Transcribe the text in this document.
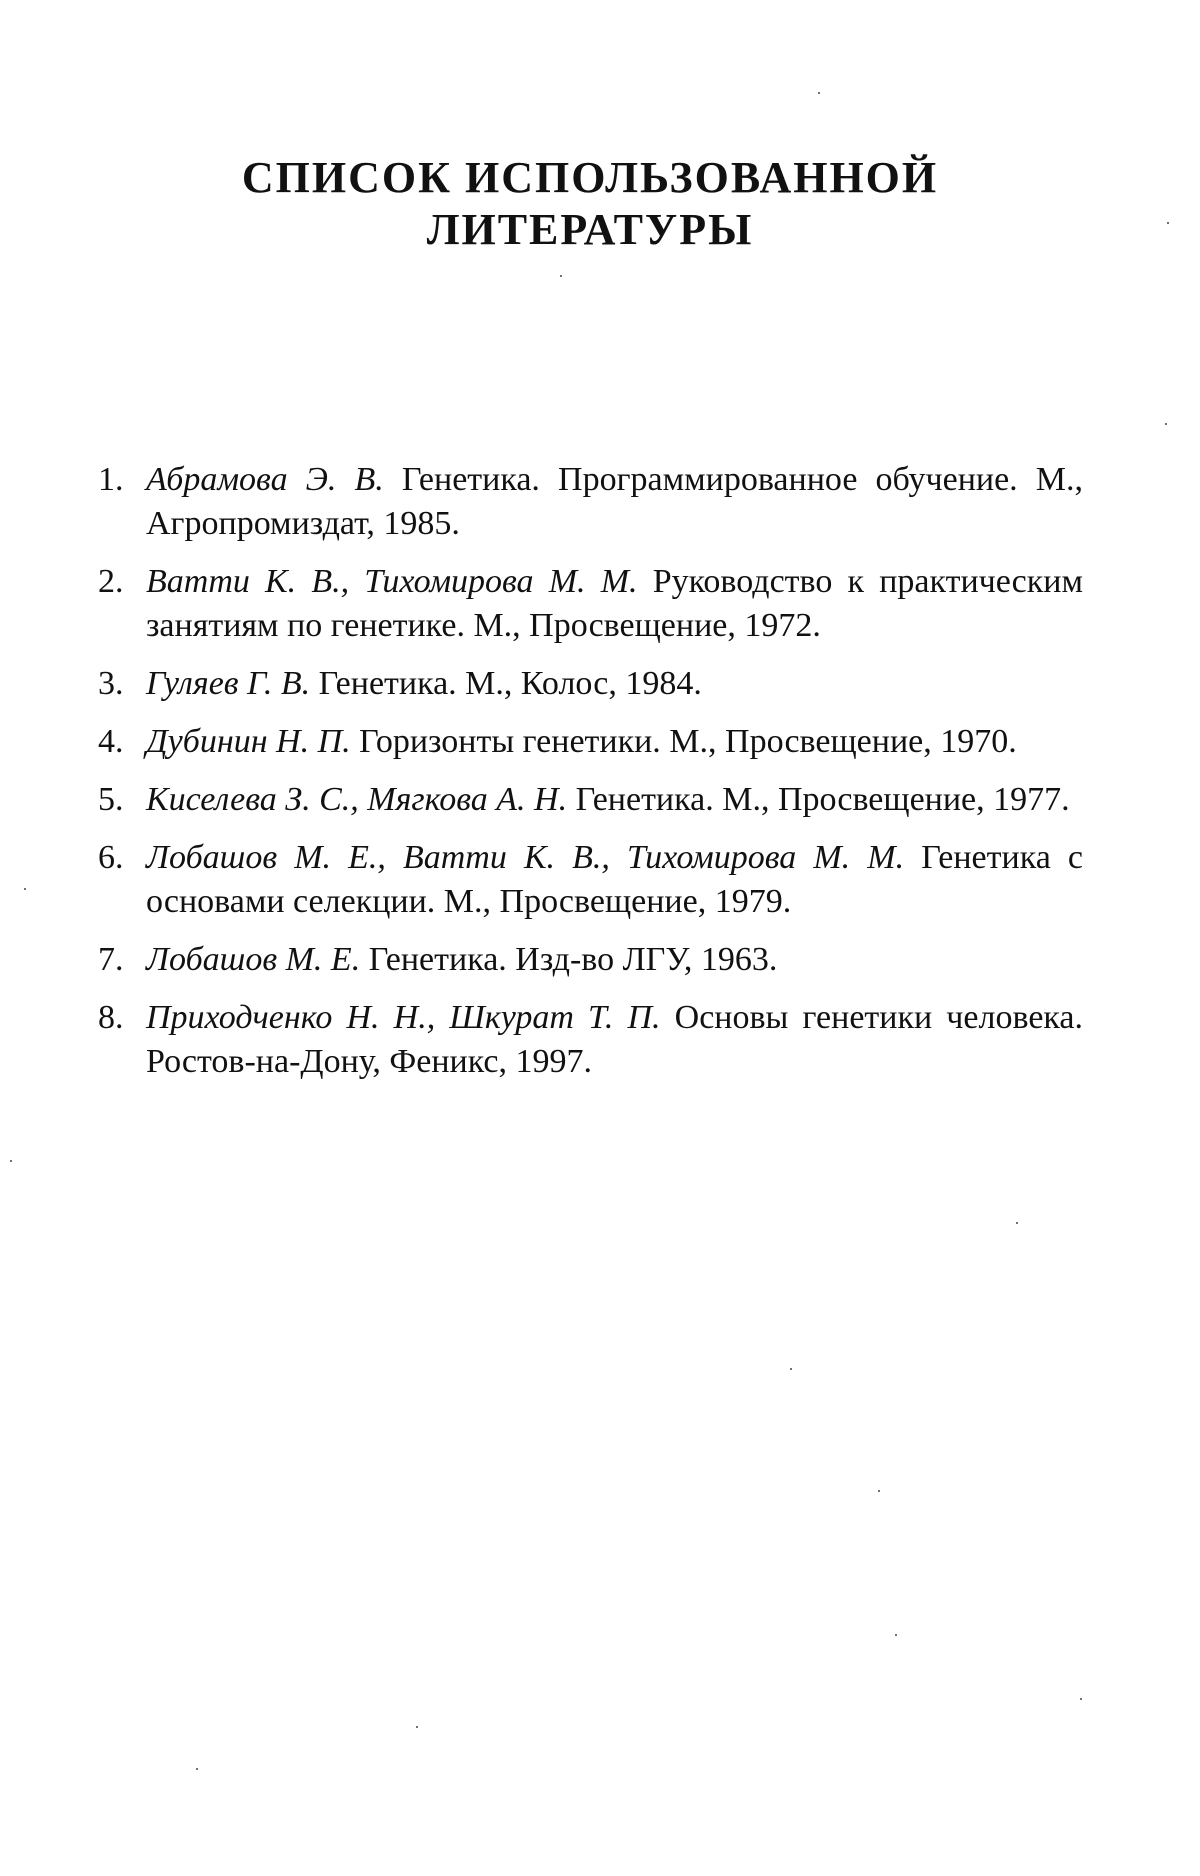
СПИСОК ИСПОЛЬЗОВАННОЙ
ЛИТЕРАТУРЫ
1. Абрамова Э. В. Генетика. Программированное обучение. М., Агропромиздат, 1985.
2. Ватти К. В., Тихомирова М. М. Руководство к практическим занятиям по генетике. М., Просвещение, 1972.
3. Гуляев Г. В. Генетика. М., Колос, 1984.
4. Дубинин Н. П. Горизонты генетики. М., Просвещение, 1970.
5. Киселева З. С., Мягкова А. Н. Генетика. М., Просвещение, 1977.
6. Лобашов М. Е., Ватти К. В., Тихомирова М. М. Генетика с основами селекции. М., Просвещение, 1979.
7. Лобашов М. Е. Генетика. Изд-во ЛГУ, 1963.
8. Приходченко Н. Н., Шкурат Т. П. Основы генетики человека. Ростов-на-Дону, Феникс, 1997.
